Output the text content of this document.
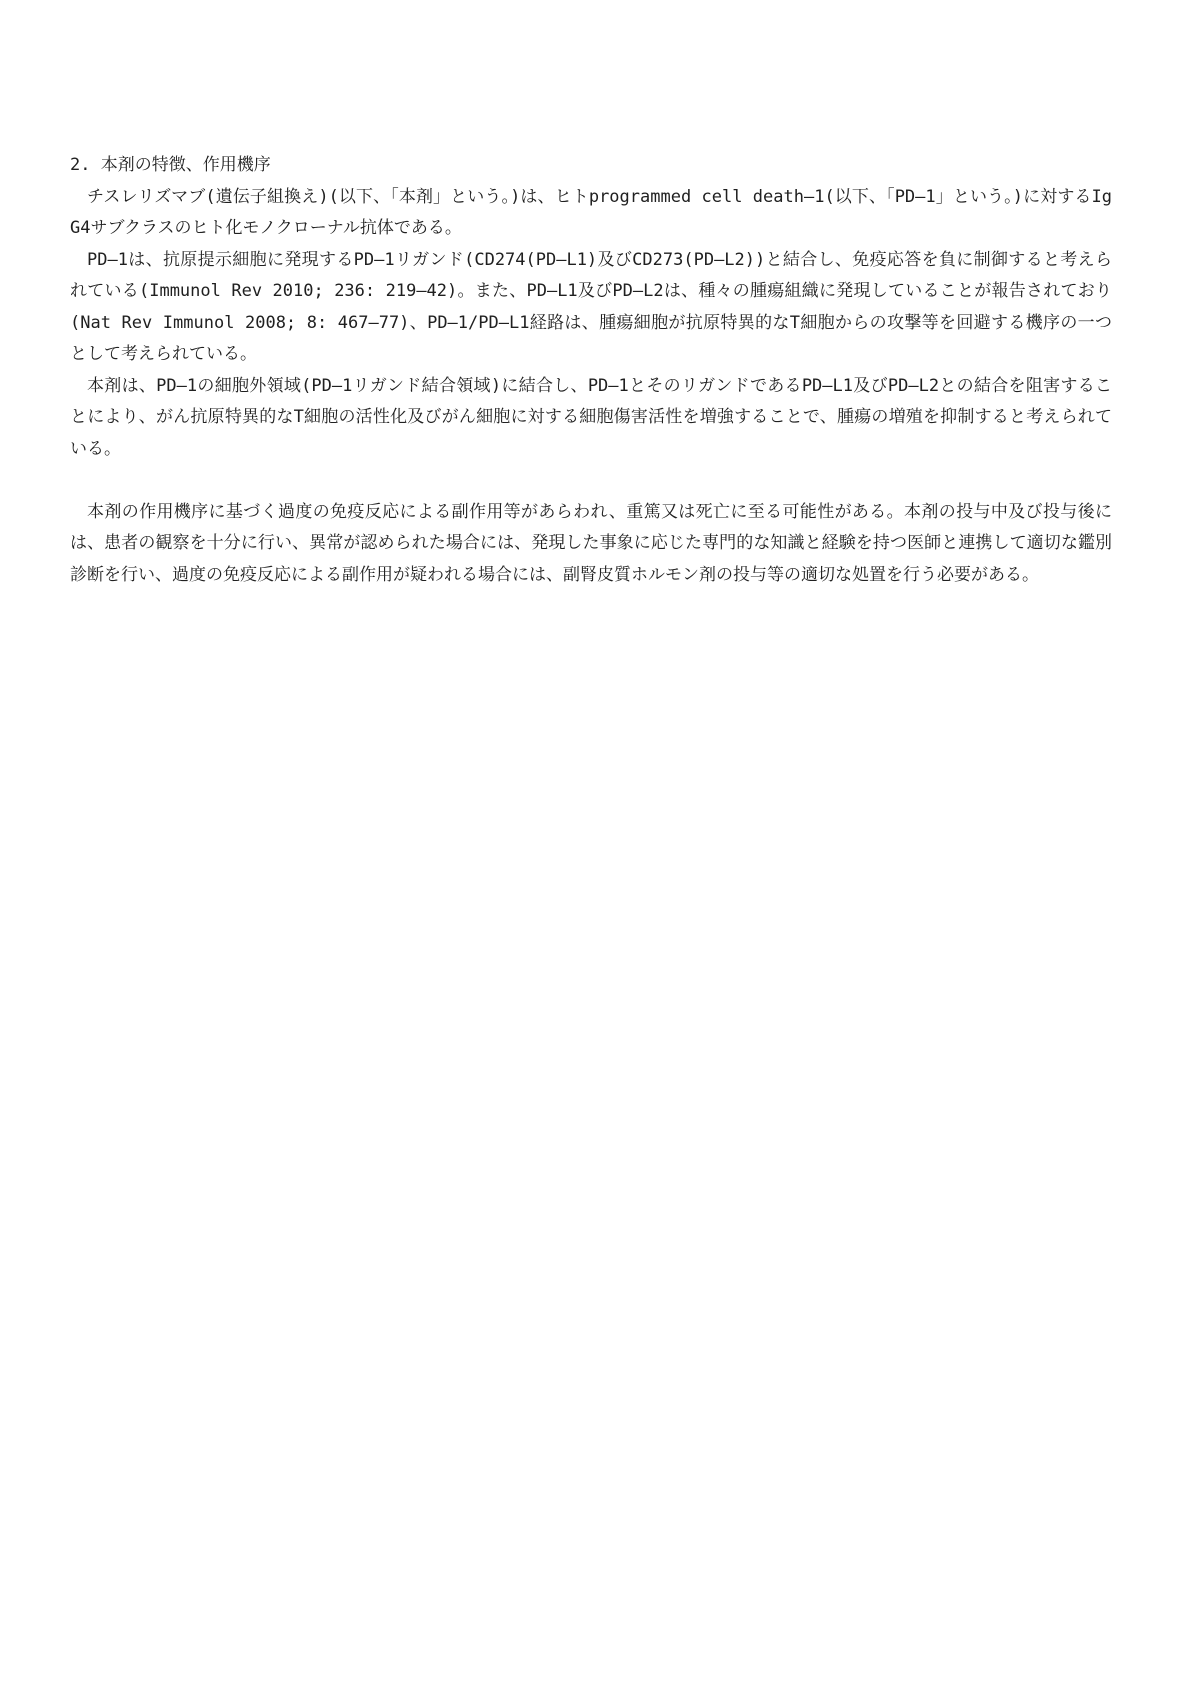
2. 本剤の特徴、作用機序

チスレリズマブ(遺伝子組換え)(以下、「本剤」という。)は、ヒトprogrammed cell death―1(以下、「PD―1」という。)に対するIgG4サブクラスのヒト化モノクローナル抗体である。

PD―1は、抗原提示細胞に発現するPD―1リガンド(CD274(PD―L1)及びCD273(PD―L2))と結合し、免疫応答を負に制御すると考えられている(Immunol Rev 2010; 236: 219―42)。また、PD―L1及びPD―L2は、種々の腫瘍組織に発現していることが報告されており(Nat Rev Immunol 2008; 8: 467―77)、PD―1/PD―L1経路は、腫瘍細胞が抗原特異的なT細胞からの攻撃等を回避する機序の一つとして考えられている。

本剤は、PD―1の細胞外領域(PD―1リガンド結合領域)に結合し、PD―1とそのリガンドであるPD―L1及びPD―L2との結合を阻害することにより、がん抗原特異的なT細胞の活性化及びがん細胞に対する細胞傷害活性を増強することで、腫瘍の増殖を抑制すると考えられている。

本剤の作用機序に基づく過度の免疫反応による副作用等があらわれ、重篤又は死亡に至る可能性がある。本剤の投与中及び投与後には、患者の観察を十分に行い、異常が認められた場合には、発現した事象に応じた専門的な知識と経験を持つ医師と連携して適切な鑑別診断を行い、過度の免疫反応による副作用が疑われる場合には、副腎皮質ホルモン剤の投与等の適切な処置を行う必要がある。
